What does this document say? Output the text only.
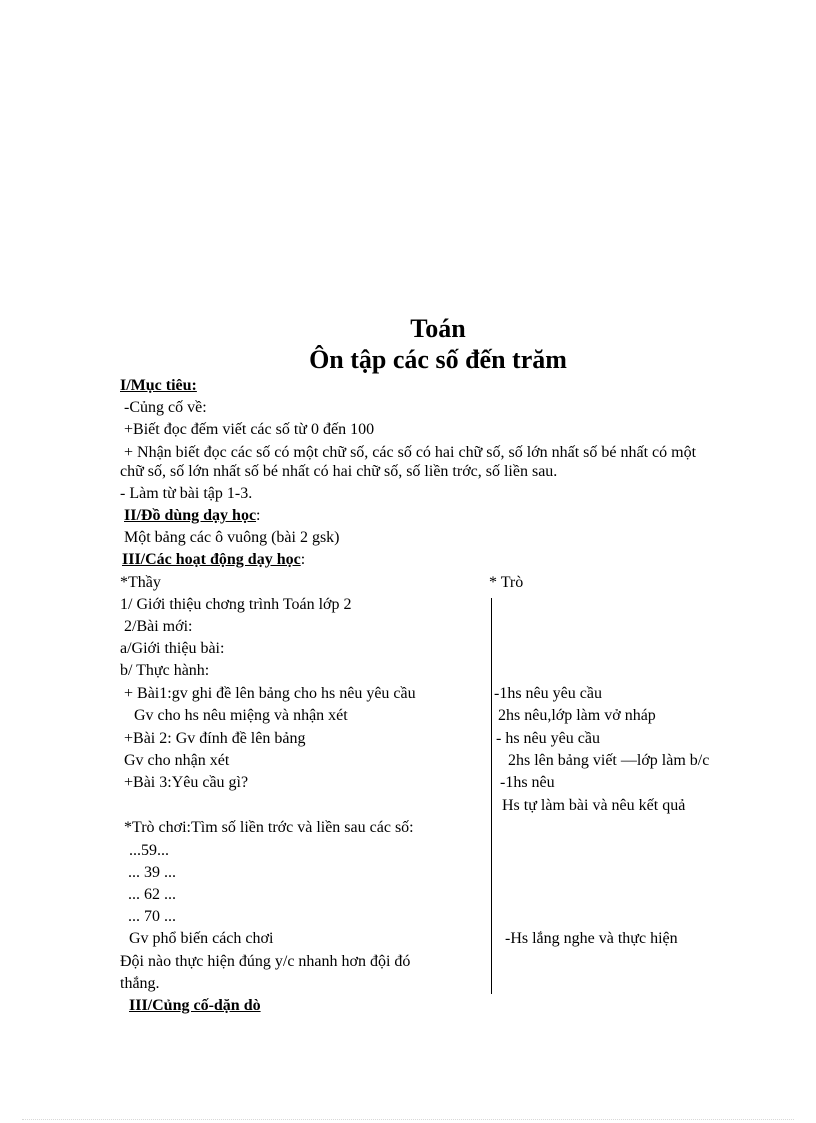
Toán
Ôn tập các số đến trăm
I/Mục tiêu:
-Củng cố về:
+Biết đọc đếm viết các số từ 0 đến 100
+ Nhận biết đọc các số có một chữ số, các số có hai chữ số, số lớn nhất số bé nhất có một
chữ số, số lớn nhất số bé nhất có hai chữ số, số liền trớc, số liền sau.
- Làm từ bài tập 1-3.
II/Đồ dùng dạy học:
Một bảng các ô vuông (bài 2 gsk)
III/Các hoạt động dạy học:
*Thầy	* Trò
1/ Giới thiệu chơng trình Toán lớp 2
2/Bài mới:
a/Giới thiệu bài:
b/ Thực hành:
+ Bài1:gv ghi đề lên bảng cho hs nêu yêu cầu
Gv cho hs nêu miệng và nhận xét
+Bài 2: Gv đính đề lên bảng
Gv cho nhận xét
+Bài 3:Yêu cầu gì?
*Trò chơi:Tìm số liền trớc và liền sau các số:
...59...
... 39 ...
... 62 ...
... 70 ...
Gv phổ biến cách chơi
Đội nào thực hiện đúng y/c nhanh hơn đội đó
thắng.
-1hs nêu yêu cầu
2hs nêu,lớp làm vở nháp
- hs nêu yêu cầu
2hs lên bảng viết —lớp làm b/c
-1hs nêu
Hs tự làm bài và nêu kết quả
-Hs lắng nghe và thực hiện
III/Củng cố-dặn dò
